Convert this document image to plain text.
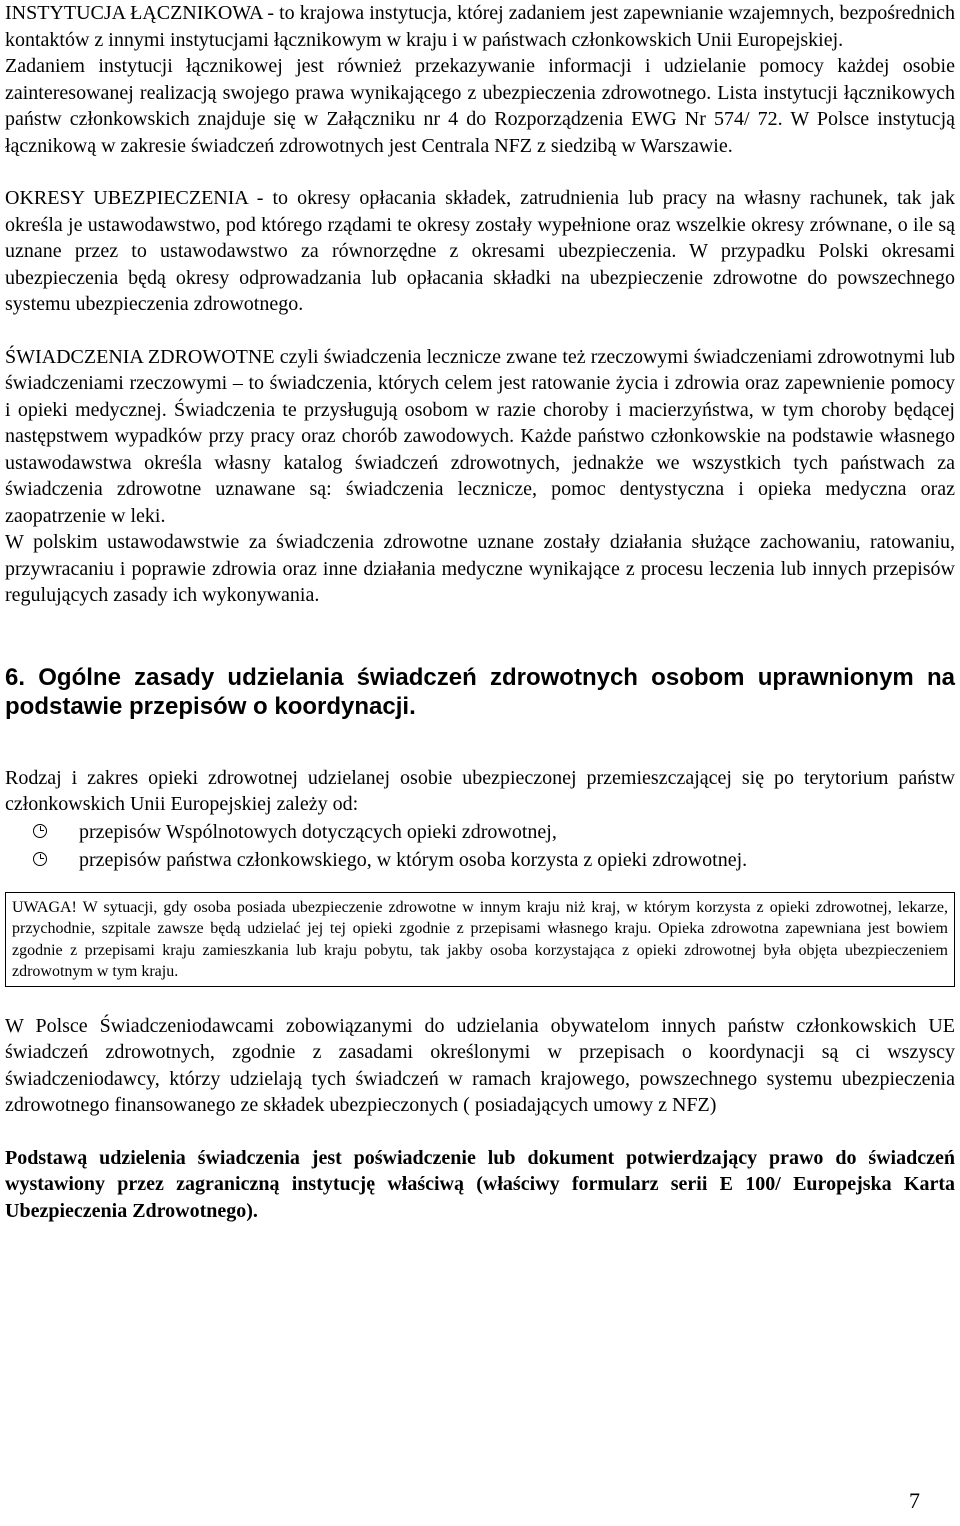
INSTYTUCJA ŁĄCZNIKOWA - to krajowa instytucja, której zadaniem jest zapewnianie wzajemnych, bezpośrednich kontaktów z innymi instytucjami łącznikowym w kraju i w państwach członkowskich Unii Europejskiej.

Zadaniem instytucji łącznikowej jest również przekazywanie informacji i udzielanie pomocy każdej osobie zainteresowanej realizacją swojego prawa wynikającego z ubezpieczenia zdrowotnego. Lista instytucji łącznikowych państw członkowskich znajduje się w Załączniku nr 4 do Rozporządzenia EWG Nr 574/ 72. W Polsce instytucją łącznikową w zakresie świadczeń zdrowotnych jest Centrala NFZ z siedzibą w Warszawie.

OKRESY UBEZPIECZENIA - to okresy opłacania składek, zatrudnienia lub pracy na własny rachunek, tak jak określa je ustawodawstwo, pod którego rządami te okresy zostały wypełnione oraz wszelkie okresy zrównane, o ile są uznane przez to ustawodawstwo za równorzędne z okresami ubezpieczenia. W przypadku Polski okresami ubezpieczenia będą okresy odprowadzania lub opłacania składki na ubezpieczenie zdrowotne do powszechnego systemu ubezpieczenia zdrowotnego.

ŚWIADCZENIA ZDROWOTNE czyli świadczenia lecznicze zwane też rzeczowymi świadczeniami zdrowotnymi lub świadczeniami rzeczowymi – to świadczenia, których celem jest ratowanie życia i zdrowia oraz zapewnienie pomocy i opieki medycznej. Świadczenia te przysługują osobom w razie choroby i macierzyństwa, w tym choroby będącej następstwem wypadków przy pracy oraz chorób zawodowych. Każde państwo członkowskie na podstawie własnego ustawodawstwa określa własny katalog świadczeń zdrowotnych, jednakże we wszystkich tych państwach za świadczenia zdrowotne uznawane są: świadczenia lecznicze, pomoc dentystyczna i opieka medyczna oraz zaopatrzenie w leki.

W polskim ustawodawstwie za świadczenia zdrowotne uznane zostały działania służące zachowaniu, ratowaniu, przywracaniu i poprawie zdrowia oraz inne działania medyczne wynikające z procesu leczenia lub innych przepisów regulujących zasady ich wykonywania.

6. Ogólne zasady udzielania świadczeń zdrowotnych osobom uprawnionym na podstawie przepisów o koordynacji.

Rodzaj i zakres opieki zdrowotnej udzielanej osobie ubezpieczonej przemieszczającej się po terytorium państw członkowskich Unii Europejskiej zależy od:

przepisów Wspólnotowych dotyczących opieki zdrowotnej,
przepisów państwa członkowskiego, w którym osoba korzysta z opieki zdrowotnej.
UWAGA! W sytuacji, gdy osoba posiada ubezpieczenie zdrowotne w innym kraju niż kraj, w którym korzysta z opieki zdrowotnej, lekarze, przychodnie, szpitale zawsze będą udzielać jej tej opieki zgodnie z przepisami własnego kraju. Opieka zdrowotna zapewniana jest bowiem zgodnie z przepisami kraju zamieszkania lub kraju pobytu, tak jakby osoba korzystająca z opieki zdrowotnej była objęta ubezpieczeniem zdrowotnym w tym kraju.

W Polsce Świadczeniodawcami zobowiązanymi do udzielania obywatelom innych państw członkowskich UE świadczeń zdrowotnych, zgodnie z zasadami określonymi w przepisach o koordynacji są ci wszyscy świadczeniodawcy, którzy udzielają tych świadczeń w ramach krajowego, powszechnego systemu ubezpieczenia zdrowotnego finansowanego ze składek ubezpieczonych ( posiadających umowy z NFZ)

Podstawą udzielenia świadczenia jest poświadczenie lub dokument potwierdzający prawo do świadczeń wystawiony przez zagraniczną instytucję właściwą (właściwy formularz serii E 100/ Europejska Karta Ubezpieczenia Zdrowotnego).

7
